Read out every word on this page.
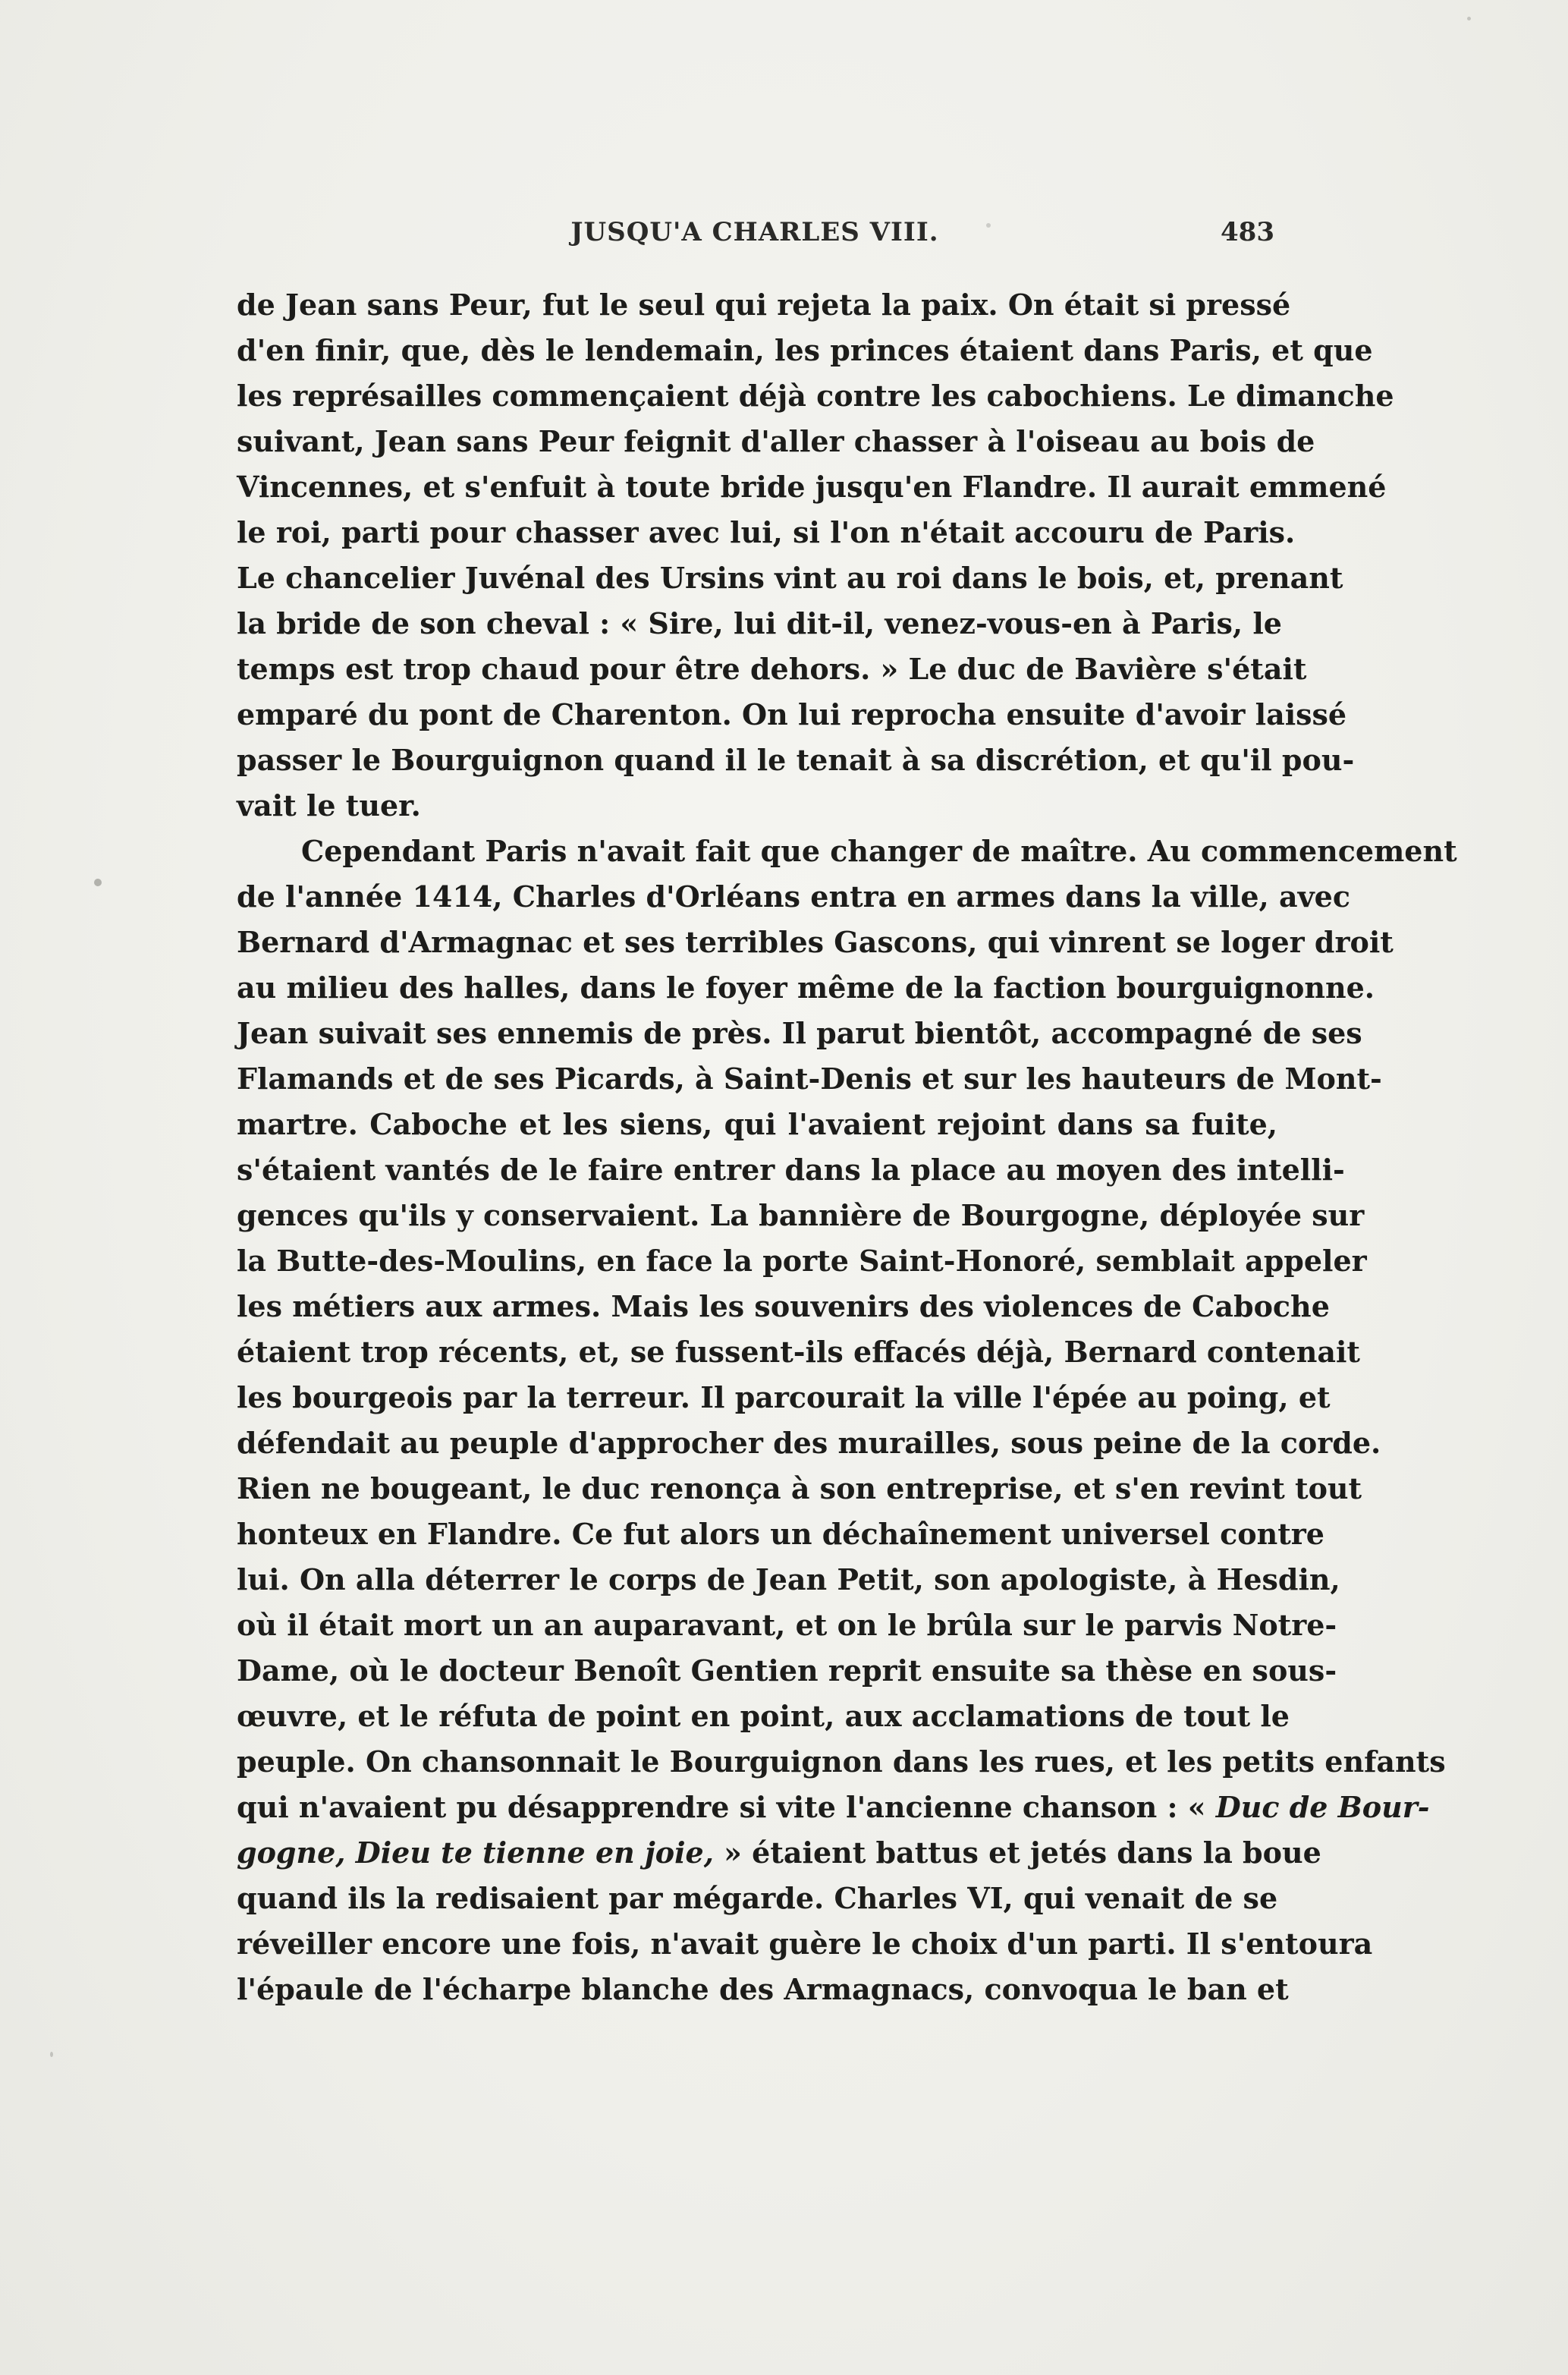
JUSQU'A CHARLES VIII.	483
de Jean sans Peur, fut le seul qui rejeta la paix. On était si pressé
d'en finir, que, dès le lendemain, les princes étaient dans Paris, et que
les représailles commençaient déjà contre les cabochiens. Le dimanche
suivant, Jean sans Peur feignit d'aller chasser à l'oiseau au bois de
Vincennes, et s'enfuit à toute bride jusqu'en Flandre. Il aurait emmené
le roi, parti pour chasser avec lui, si l'on n'était accouru de Paris.
Le chancelier Juvénal des Ursins vint au roi dans le bois, et, prenant
la bride de son cheval : « Sire, lui dit-il, venez-vous-en à Paris, le
temps est trop chaud pour être dehors. » Le duc de Bavière s'était
emparé du pont de Charenton. On lui reprocha ensuite d'avoir laissé
passer le Bourguignon quand il le tenait à sa discrétion, et qu'il pou-
vait le tuer.
Cependant Paris n'avait fait que changer de maître. Au commencement
de l'année 1414, Charles d'Orléans entra en armes dans la ville, avec
Bernard d'Armagnac et ses terribles Gascons, qui vinrent se loger droit
au milieu des halles, dans le foyer même de la faction bourguignonne.
Jean suivait ses ennemis de près. Il parut bientôt, accompagné de ses
Flamands et de ses Picards, à Saint-Denis et sur les hauteurs de Mont-
martre. Caboche et les siens, qui l'avaient rejoint dans sa fuite,
s'étaient vantés de le faire entrer dans la place au moyen des intelli-
gences qu'ils y conservaient. La bannière de Bourgogne, déployée sur
la Butte-des-Moulins, en face la porte Saint-Honoré, semblait appeler
les métiers aux armes. Mais les souvenirs des violences de Caboche
étaient trop récents, et, se fussent-ils effacés déjà, Bernard contenait
les bourgeois par la terreur. Il parcourait la ville l'épée au poing, et
défendait au peuple d'approcher des murailles, sous peine de la corde.
Rien ne bougeant, le duc renonça à son entreprise, et s'en revint tout
honteux en Flandre. Ce fut alors un déchaînement universel contre
lui. On alla déterrer le corps de Jean Petit, son apologiste, à Hesdin,
où il était mort un an auparavant, et on le brûla sur le parvis Notre-
Dame, où le docteur Benoît Gentien reprit ensuite sa thèse en sous-
œuvre, et le réfuta de point en point, aux acclamations de tout le
peuple. On chansonnait le Bourguignon dans les rues, et les petits enfants
qui n'avaient pu désapprendre si vite l'ancienne chanson : « Duc de Bour-
gogne, Dieu te tienne en joie, » étaient battus et jetés dans la boue
quand ils la redisaient par mégarde. Charles VI, qui venait de se
réveiller encore une fois, n'avait guère le choix d'un parti. Il s'entoura
l'épaule de l'écharpe blanche des Armagnacs, convoqua le ban et
